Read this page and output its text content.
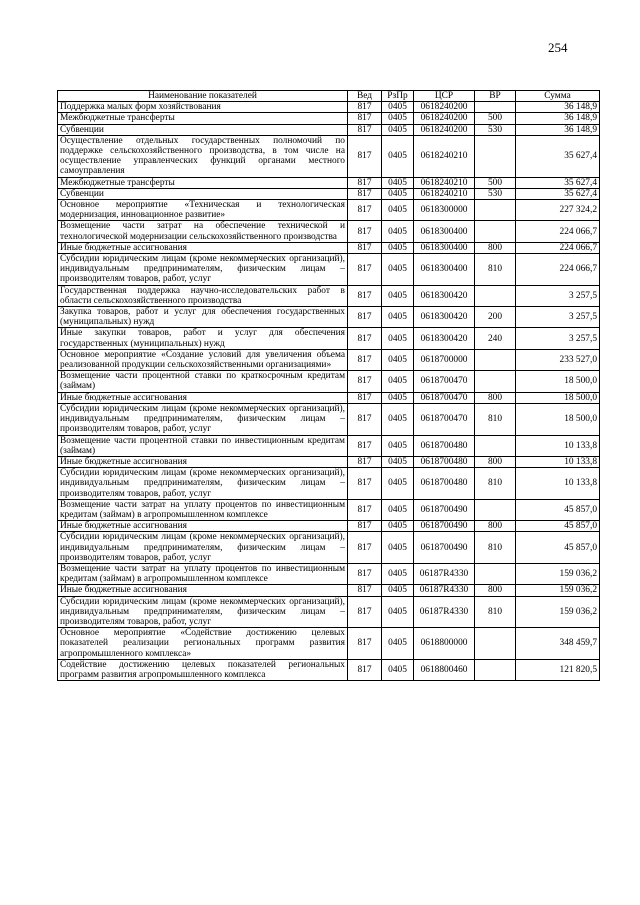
254
Наименование показателей	Вед	РзПр	ЦСР	ВР	Сумма
Поддержка малых форм хозяйствования	817	0405	0618240200		36 148,9
Межбюджетные трансферты	817	0405	0618240200	500	36 148,9
Субвенции	817	0405	0618240200	530	36 148,9
Осуществление отдельных государственных полномочий по поддержке сельскохозяйственного производства, в том числе на осуществление управленческих функций органами местного самоуправления	817	0405	0618240210		35 627,4
Межбюджетные трансферты	817	0405	0618240210	500	35 627,4
Субвенции	817	0405	0618240210	530	35 627,4
Основное мероприятие «Техническая и технологическая модернизация, инновационное развитие»	817	0405	0618300000		227 324,2
Возмещение части затрат на обеспечение технической и технологической модернизации сельскохозяйственного производства	817	0405	0618300400		224 066,7
Иные бюджетные ассигнования	817	0405	0618300400	800	224 066,7
Субсидии юридическим лицам (кроме некоммерческих организаций), индивидуальным предпринимателям, физическим лицам – производителям товаров, работ, услуг	817	0405	0618300400	810	224 066,7
Государственная поддержка научно-исследовательских работ в области сельскохозяйственного производства	817	0405	0618300420		3 257,5
Закупка товаров, работ и услуг для обеспечения государственных (муниципальных) нужд	817	0405	0618300420	200	3 257,5
Иные закупки товаров, работ и услуг для обеспечения государственных (муниципальных) нужд	817	0405	0618300420	240	3 257,5
Основное мероприятие «Создание условий для увеличения объема реализованной продукции сельскохозяйственными организациями»	817	0405	0618700000		233 527,0
Возмещение части процентной ставки по краткосрочным кредитам (займам)	817	0405	0618700470		18 500,0
Иные бюджетные ассигнования	817	0405	0618700470	800	18 500,0
Субсидии юридическим лицам (кроме некоммерческих организаций), индивидуальным предпринимателям, физическим лицам – производителям товаров, работ, услуг	817	0405	0618700470	810	18 500,0
Возмещение части процентной ставки по инвестиционным кредитам (займам)	817	0405	0618700480		10 133,8
Иные бюджетные ассигнования	817	0405	0618700480	800	10 133,8
Субсидии юридическим лицам (кроме некоммерческих организаций), индивидуальным предпринимателям, физическим лицам – производителям товаров, работ, услуг	817	0405	0618700480	810	10 133,8
Возмещение части затрат на уплату процентов по инвестиционным кредитам (займам) в агропромышленном комплексе	817	0405	0618700490		45 857,0
Иные бюджетные ассигнования	817	0405	0618700490	800	45 857,0
Субсидии юридическим лицам (кроме некоммерческих организаций), индивидуальным предпринимателям, физическим лицам – производителям товаров, работ, услуг	817	0405	0618700490	810	45 857,0
Возмещение части затрат на уплату процентов по инвестиционным кредитам (займам) в агропромышленном комплексе	817	0405	06187R4330		159 036,2
Иные бюджетные ассигнования	817	0405	06187R4330	800	159 036,2
Субсидии юридическим лицам (кроме некоммерческих организаций), индивидуальным предпринимателям, физическим лицам – производителям товаров, работ, услуг	817	0405	06187R4330	810	159 036,2
Основное мероприятие «Содействие достижению целевых показателей реализации региональных программ развития агропромышленного комплекса»	817	0405	0618800000		348 459,7
Содействие достижению целевых показателей региональных программ развития агропромышленного комплекса	817	0405	0618800460		121 820,5
